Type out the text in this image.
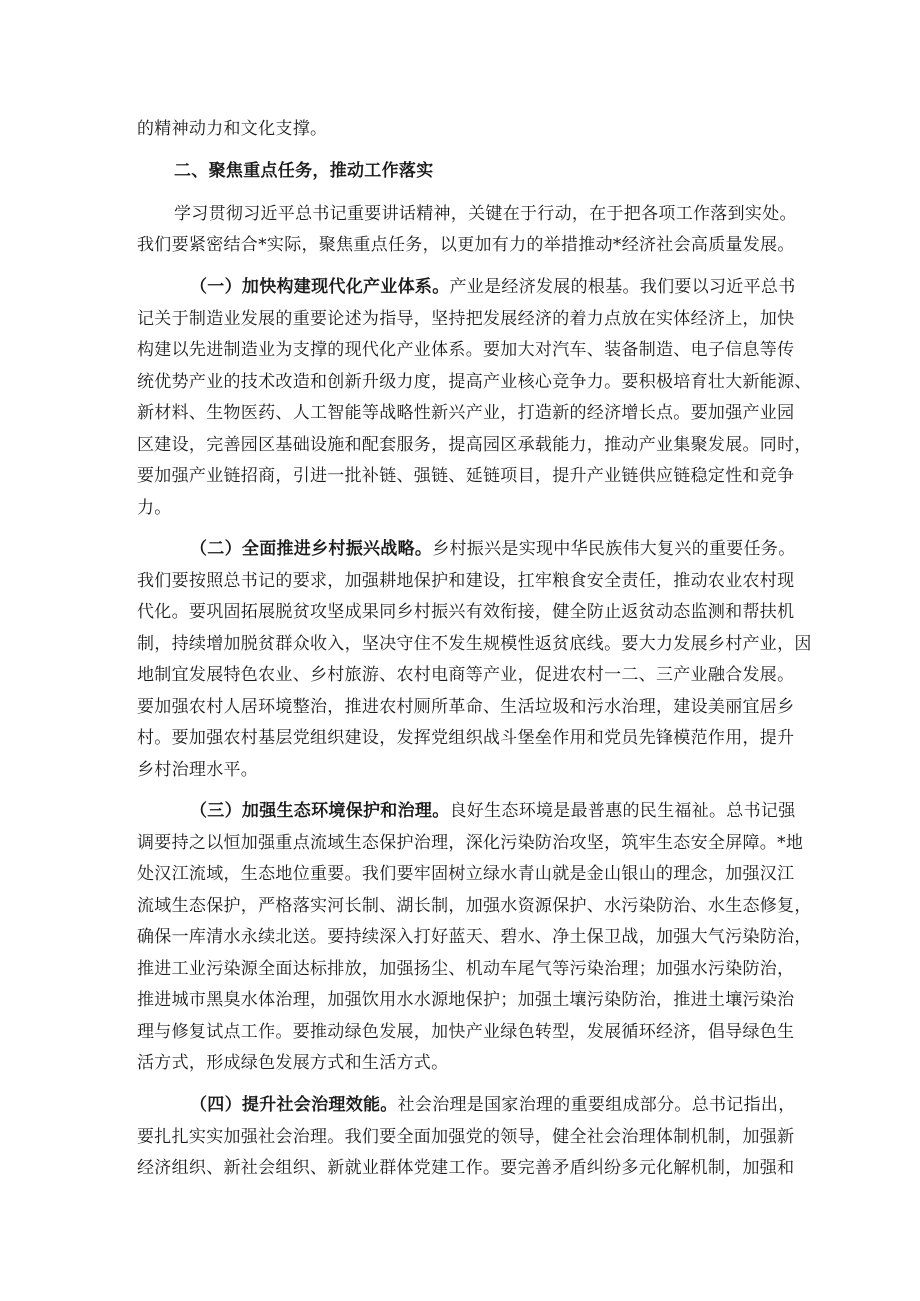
的精神动力和文化支撑。
二、聚焦重点任务，推动工作落实
学习贯彻习近平总书记重要讲话精神，关键在于行动，在于把各项工作落到实处。
我们要紧密结合*实际，聚焦重点任务，以更加有力的举措推动*经济社会高质量发展。
（一）加快构建现代化产业体系。产业是经济发展的根基。我们要以习近平总书
记关于制造业发展的重要论述为指导，坚持把发展经济的着力点放在实体经济上，加快
构建以先进制造业为支撑的现代化产业体系。要加大对汽车、装备制造、电子信息等传
统优势产业的技术改造和创新升级力度，提高产业核心竞争力。要积极培育壮大新能源、
新材料、生物医药、人工智能等战略性新兴产业，打造新的经济增长点。要加强产业园
区建设，完善园区基础设施和配套服务，提高园区承载能力，推动产业集聚发展。同时，
要加强产业链招商，引进一批补链、强链、延链项目，提升产业链供应链稳定性和竞争
力。
（二）全面推进乡村振兴战略。乡村振兴是实现中华民族伟大复兴的重要任务。
我们要按照总书记的要求，加强耕地保护和建设，扛牢粮食安全责任，推动农业农村现
代化。要巩固拓展脱贫攻坚成果同乡村振兴有效衔接，健全防止返贫动态监测和帮扶机
制，持续增加脱贫群众收入，坚决守住不发生规模性返贫底线。要大力发展乡村产业，因
地制宜发展特色农业、乡村旅游、农村电商等产业，促进农村一二、三产业融合发展。
要加强农村人居环境整治，推进农村厕所革命、生活垃圾和污水治理，建设美丽宜居乡
村。要加强农村基层党组织建设，发挥党组织战斗堡垒作用和党员先锋模范作用，提升
乡村治理水平。
（三）加强生态环境保护和治理。良好生态环境是最普惠的民生福祉。总书记强
调要持之以恒加强重点流域生态保护治理，深化污染防治攻坚，筑牢生态安全屏障。*地
处汉江流域，生态地位重要。我们要牢固树立绿水青山就是金山银山的理念，加强汉江
流域生态保护，严格落实河长制、湖长制，加强水资源保护、水污染防治、水生态修复，
确保一库清水永续北送。要持续深入打好蓝天、碧水、净土保卫战，加强大气污染防治，
推进工业污染源全面达标排放，加强扬尘、机动车尾气等污染治理；加强水污染防治，
推进城市黑臭水体治理，加强饮用水水源地保护；加强土壤污染防治，推进土壤污染治
理与修复试点工作。要推动绿色发展，加快产业绿色转型，发展循环经济，倡导绿色生
活方式，形成绿色发展方式和生活方式。
（四）提升社会治理效能。社会治理是国家治理的重要组成部分。总书记指出，
要扎扎实实加强社会治理。我们要全面加强党的领导，健全社会治理体制机制，加强新
经济组织、新社会组织、新就业群体党建工作。要完善矛盾纠纷多元化解机制，加强和
